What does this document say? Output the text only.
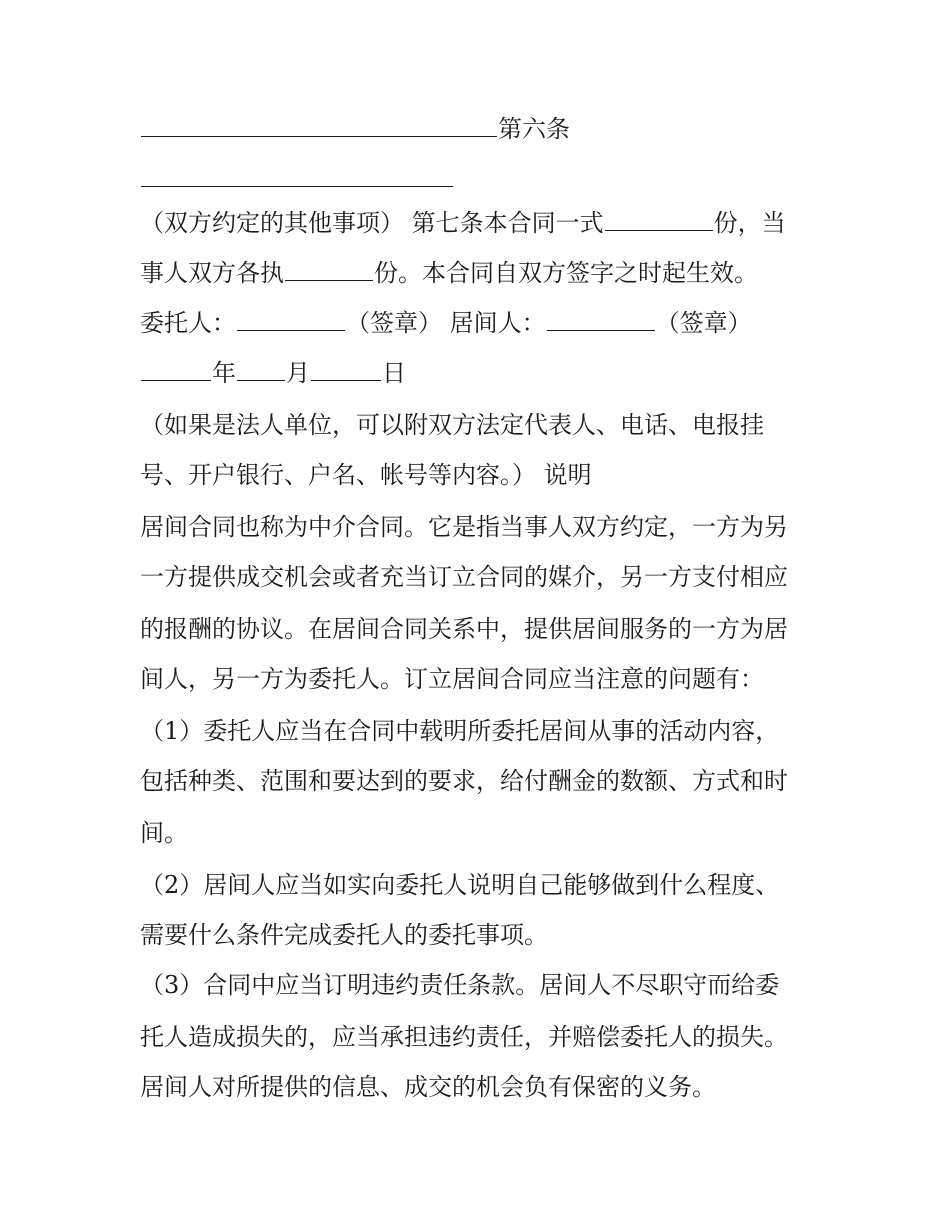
第六条
（双方约定的其他事项） 第七条本合同一式	份，当
事人双方各执	份。本合同自双方签字之时起生效。
委托人：	（签章） 居间人：	（签章）
年 月	日
（如果是法人单位，可以附双方法定代表人、电话、电报挂
号、开户银行、户名、帐号等内容。） 说明
居间合同也称为中介合同。它是指当事人双方约定，一方为另
一方提供成交机会或者充当订立合同的媒介，另一方支付相应
的报酬的协议。在居间合同关系中，提供居间服务的一方为居
间人，另一方为委托人。订立居间合同应当注意的问题有：
（1）委托人应当在合同中载明所委托居间从事的活动内容，
包括种类、范围和要达到的要求，给付酬金的数额、方式和时
间。
（2）居间人应当如实向委托人说明自己能够做到什么程度、
需要什么条件完成委托人的委托事项。
（3）合同中应当订明违约责任条款。居间人不尽职守而给委
托人造成损失的，应当承担违约责任，并赔偿委托人的损失。
居间人对所提供的信息、成交的机会负有保密的义务。
